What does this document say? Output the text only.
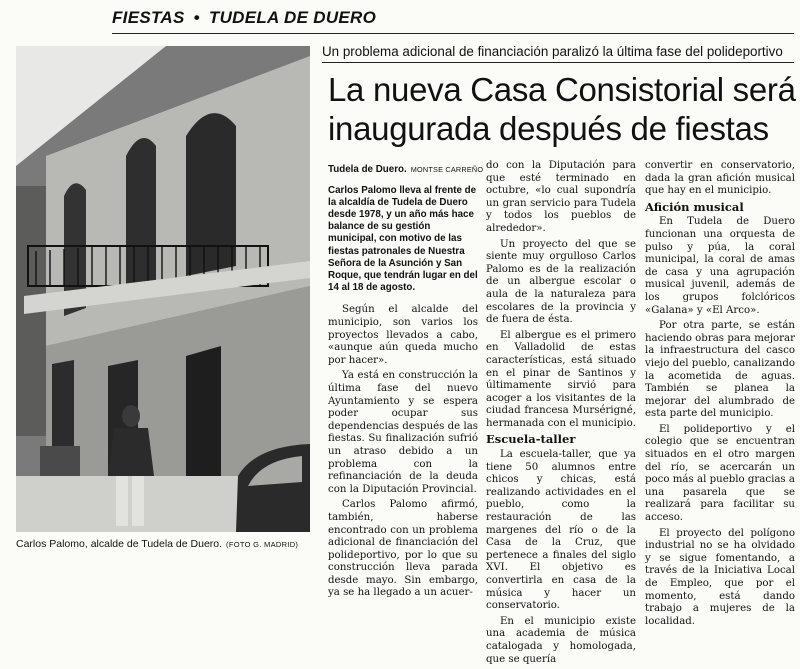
FIESTAS • TUDELA DE DUERO
Carlos Palomo, alcalde de Tudela de Duero. (FOTO G. MADRID)
Un problema adicional de financiación paralizó la última fase del polideportivo
La nueva Casa Consistorial será
inaugurada después de fiestas
Tudela de Duero. MONTSE CARREÑO
Carlos Palomo lleva al frente de la alcaldía de Tudela de Duero desde 1978, y un año más hace balance de su gestión municipal, con motivo de las fiestas patronales de Nuestra Señora de la Asunción y San Roque, que tendrán lugar en del 14 al 18 de agosto.

Según el alcalde del municipio, son varios los proyectos llevados a cabo, «aunque aún queda mucho por hacer».

Ya está en construcción la última fase del nuevo Ayuntamiento y se espera poder ocupar sus dependencias después de las fiestas. Su finalización sufrió un atraso debido a un problema con la refinanciación de la deuda con la Diputación Provincial.

Carlos Palomo afirmó, también, haberse encontrado con un problema adicional de financiación del polideportivo, por lo que su construcción lleva parada desde mayo. Sin embargo, ya se ha llegado a un acuer-

do con la Diputación para que esté terminado en octubre, «lo cual supondría un gran servicio para Tudela y todos los pueblos de alrededor».

Un proyecto del que se siente muy orgulloso Carlos Palomo es de la realización de un albergue escolar o aula de la naturaleza para escolares de la provincia y de fuera de ésta.

El albergue es el primero en Valladolid de estas características, está situado en el pinar de Santinos y últimamente sirvió para acoger a los visitantes de la ciudad francesa Mursérigné, hermanada con el municipio.

Escuela-taller

La escuela-taller, que ya tiene 50 alumnos entre chicos y chicas, está realizando actividades en el pueblo, como la restauración de las margenes del río o de la Casa de la Cruz, que pertenece a finales del siglo XVI. El objetivo es convertirla en casa de la música y hacer un conservatorio.

En el municipio existe una academia de música catalogada y homologada, que se quería

convertir en conservatorio, dada la gran afición musical que hay en el municipio.

Afición musical

En Tudela de Duero funcionan una orquesta de pulso y púa, la coral municipal, la coral de amas de casa y una agrupación musical juvenil, además de los grupos folclóricos «Galana» y «El Arco».

Por otra parte, se están haciendo obras para mejorar la infraestructura del casco viejo del pueblo, canalizando la acometida de aguas. También se planea la mejorar del alumbrado de esta parte del municipio.

El polideportivo y el colegio que se encuentran situados en el otro margen del río, se acercarán un poco más al pueblo gracias a una pasarela que se realizará para facilitar su acceso.

El proyecto del polígono industrial no se ha olvidado y se sigue fomentando, a través de la Iniciativa Local de Empleo, que por el momento, está dando trabajo a mujeres de la localidad.
